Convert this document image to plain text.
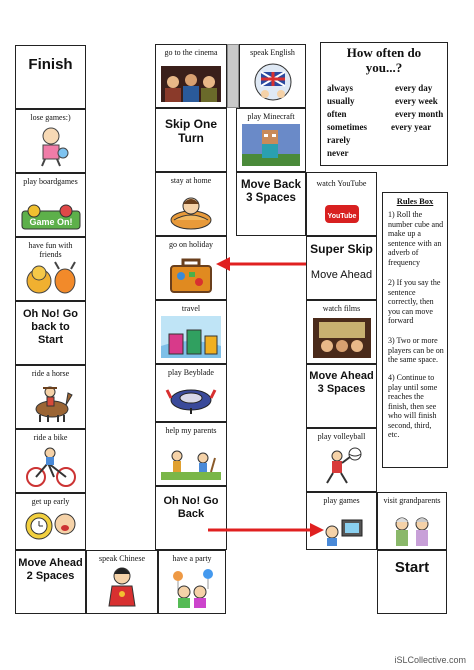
Finish
lose games:)
play boardgames
Game On!
have fun with friends
Oh No! Go back to Start
ride a horse
ride a bike
get up early
Move Ahead 2 Spaces
speak Chinese	have a party
Oh No! Go Back
help my parents
play Beyblade
travel
go on holiday
stay at home
Skip One Turn
go to the cinema	speak English
play Minecraft
Move Back 3 Spaces
watch YouTube
YouTube
Super Skip
Move Ahead
watch films
Move Ahead 3 Spaces
play volleyball
play games	visit grandparents
Start
How often do you...?
always
usually
often
sometimes
rarely
never
every day
every week
every month
every year
Rules Box
1) Roll the number cube and make up a sentence with an adverb of frequency
2) If you say the sentence correctly, then you can move forward
3) Two or more players can be on the same space.
4) Continue to play until some reaches the finish, then see who will finish second, third, etc.
iSLCollective.com
